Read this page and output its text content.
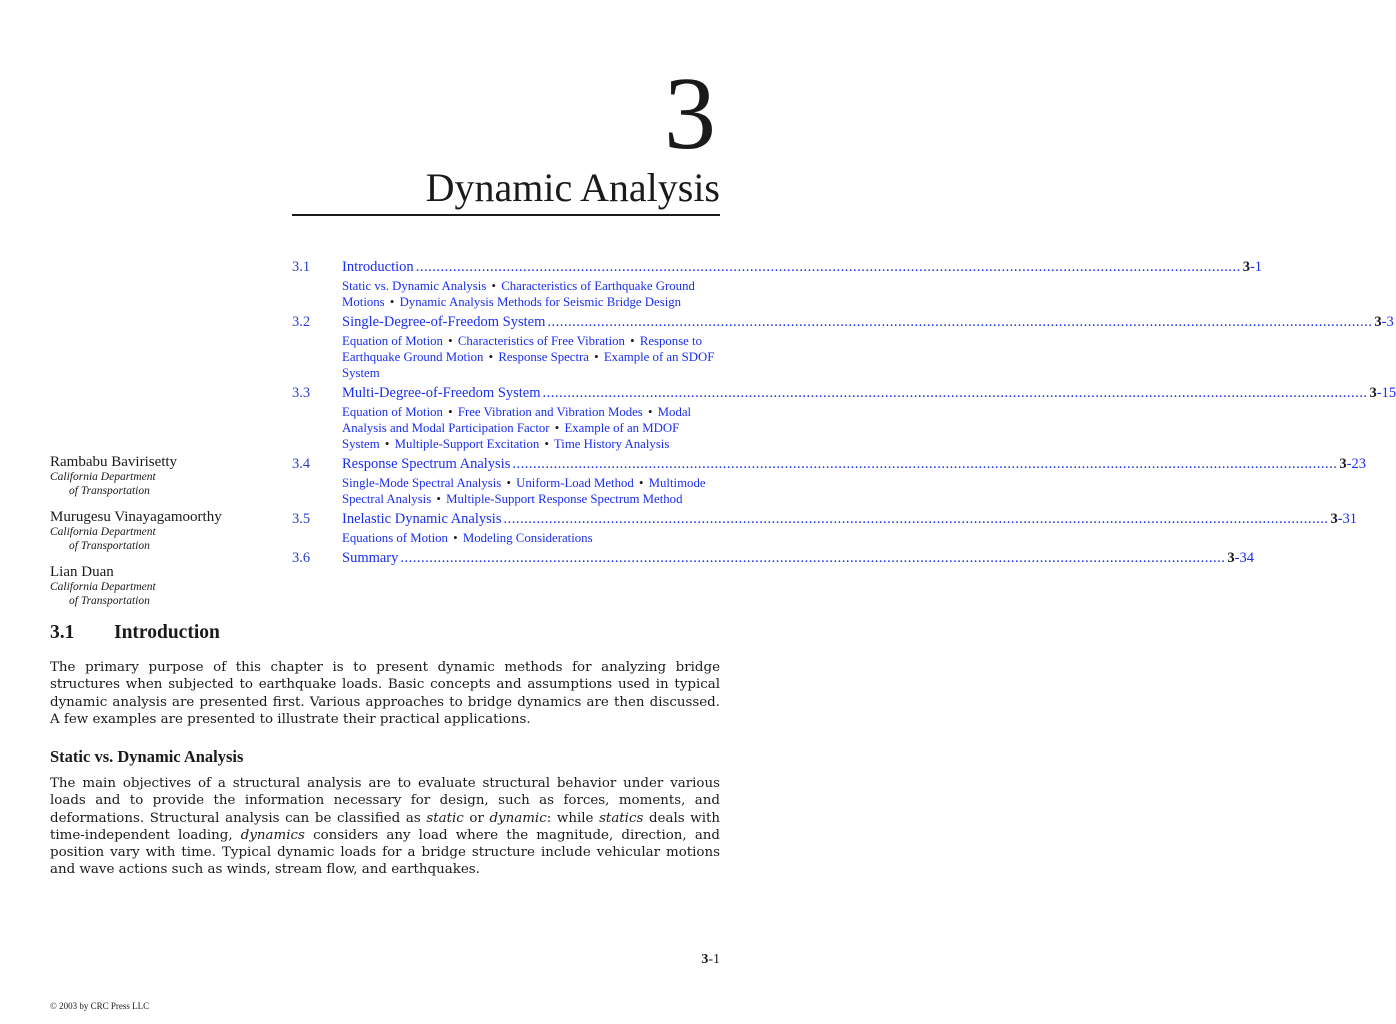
3
Dynamic Analysis
3.1	Introduction ........................................................................................................................................................................................................ 3-1
Static vs. Dynamic Analysis • Characteristics of Earthquake Ground Motions • Dynamic Analysis Methods for Seismic Bridge Design
3.2	Single-Degree-of-Freedom System ........................................................................................................................................................................................................ 3-3
Equation of Motion • Characteristics of Free Vibration • Response to Earthquake Ground Motion • Response Spectra • Example of an SDOF System
3.3	Multi-Degree-of-Freedom System ........................................................................................................................................................................................................ 3-15
Equation of Motion • Free Vibration and Vibration Modes • Modal Analysis and Modal Participation Factor • Example of an MDOF System • Multiple-Support Excitation • Time History Analysis
3.4	Response Spectrum Analysis ........................................................................................................................................................................................................ 3-23
Single-Mode Spectral Analysis • Uniform-Load Method • Multimode Spectral Analysis • Multiple-Support Response Spectrum Method
3.5	Inelastic Dynamic Analysis ........................................................................................................................................................................................................ 3-31
Equations of Motion • Modeling Considerations
3.6	Summary ........................................................................................................................................................................................................ 3-34
Rambabu Bavirisetty
California Department
of Transportation
Murugesu Vinayagamoorthy
California Department
of Transportation
Lian Duan
California Department
of Transportation
3.1 Introduction

The primary purpose of this chapter is to present dynamic methods for analyzing bridge structures when subjected to earthquake loads. Basic concepts and assumptions used in typical dynamic analysis are presented first. Various approaches to bridge dynamics are then discussed. A few examples are presented to illustrate their practical applications.

Static vs. Dynamic Analysis

The main objectives of a structural analysis are to evaluate structural behavior under various loads and to provide the information necessary for design, such as forces, moments, and deformations. Structural analysis can be classified as static or dynamic: while statics deals with time-independent loading, dynamics considers any load where the magnitude, direction, and position vary with time. Typical dynamic loads for a bridge structure include vehicular motions and wave actions such as winds, stream flow, and earthquakes.

3-1
© 2003 by CRC Press LLC
